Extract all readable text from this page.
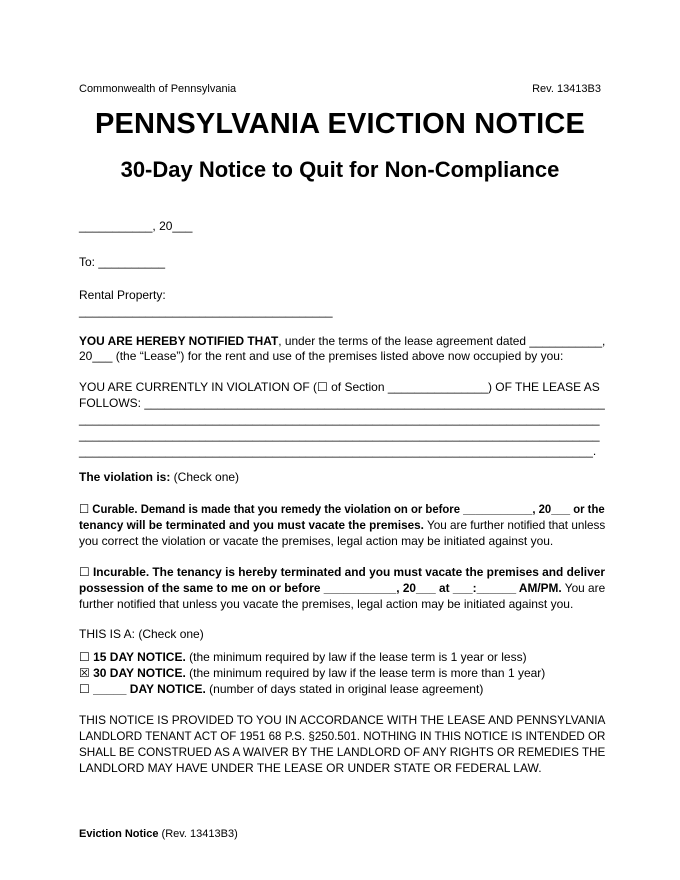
Commonwealth of Pennsylvania	Rev. 13413B3
PENNSYLVANIA EVICTION NOTICE
30-Day Notice to Quit for Non-Compliance
___________, 20___
To: __________
Rental Property:
______________________________________
YOU ARE HEREBY NOTIFIED THAT, under the terms of the lease agreement dated ___________,
20___ (the “Lease”) for the rent and use of the premises listed above now occupied by you:
YOU ARE CURRENTLY IN VIOLATION OF (☐ of Section _______________) OF THE LEASE AS
FOLLOWS: _____________________________________________________________________
______________________________________________________________________________
______________________________________________________________________________
_____________________________________________________________________________.
The violation is: (Check one)
☐ Curable. Demand is made that you remedy the violation on or before ___________, 20___ or the
tenancy will be terminated and you must vacate the premises. You are further notified that unless
you correct the violation or vacate the premises, legal action may be initiated against you.
☐ Incurable. The tenancy is hereby terminated and you must vacate the premises and deliver
possession of the same to me on or before ___________, 20___ at ___:______ AM/PM. You are
further notified that unless you vacate the premises, legal action may be initiated against you.
THIS IS A: (Check one)
☐ 15 DAY NOTICE. (the minimum required by law if the lease term is 1 year or less)
☒ 30 DAY NOTICE. (the minimum required by law if the lease term is more than 1 year)
☐ _____ DAY NOTICE. (number of days stated in original lease agreement)
THIS NOTICE IS PROVIDED TO YOU IN ACCORDANCE WITH THE LEASE AND PENNSYLVANIA
LANDLORD TENANT ACT OF 1951 68 P.S. §250.501. NOTHING IN THIS NOTICE IS INTENDED OR
SHALL BE CONSTRUED AS A WAIVER BY THE LANDLORD OF ANY RIGHTS OR REMEDIES THE
LANDLORD MAY HAVE UNDER THE LEASE OR UNDER STATE OR FEDERAL LAW.
Eviction Notice (Rev. 13413B3)
